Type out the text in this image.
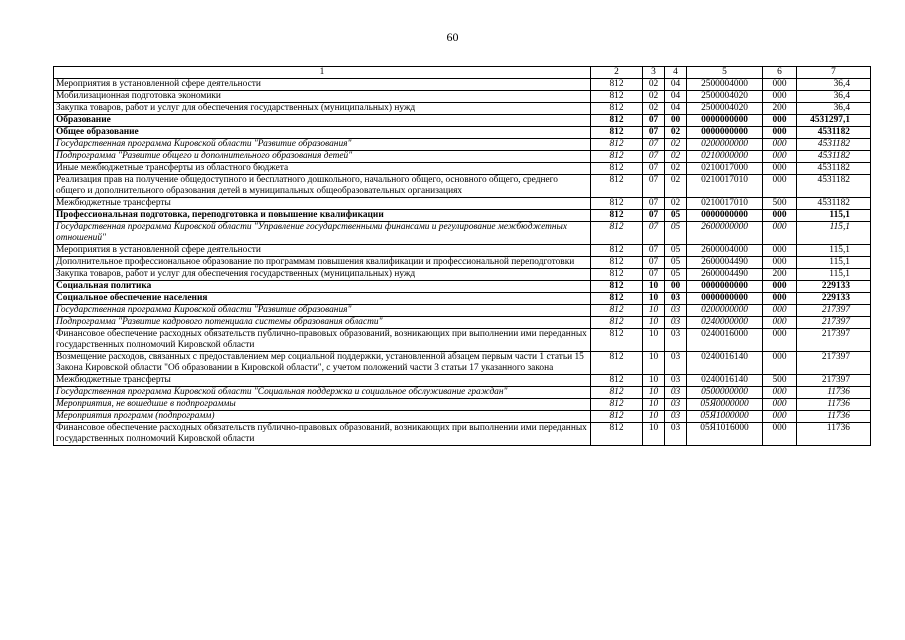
60
1	2	3	4	5	6	7
Мероприятия в установленной сфере деятельности	812	02	04	2500004000	000	36,4
Мобилизационная подготовка экономики	812	02	04	2500004020	000	36,4
Закупка товаров, работ и услуг для обеспечения государственных (муниципальных) нужд	812	02	04	2500004020	200	36,4
Образование	812	07	00	0000000000	000	4531297,1
Общее образование	812	07	02	0000000000	000	4531182
Государственная программа Кировской области "Развитие образования"	812	07	02	0200000000	000	4531182
Подпрограмма "Развитие общего и дополнительного образования детей"	812	07	02	0210000000	000	4531182
Иные межбюджетные трансферты из областного бюджета	812	07	02	0210017000	000	4531182
Реализация прав на получение общедоступного и бесплатного дошкольного, начального общего, основного общего, среднего общего и дополнительного образования детей в муниципальных общеобразовательных организациях	812	07	02	0210017010	000	4531182
Межбюджетные трансферты	812	07	02	0210017010	500	4531182
Профессиональная подготовка, переподготовка и повышение квалификации	812	07	05	0000000000	000	115,1
Государственная программа Кировской области "Управление государственными финансами и регулирование межбюджетных отношений"	812	07	05	2600000000	000	115,1
Мероприятия в установленной сфере деятельности	812	07	05	2600004000	000	115,1
Дополнительное профессиональное образование по программам повышения квалификации и профессиональной переподготовки	812	07	05	2600004490	000	115,1
Закупка товаров, работ и услуг для обеспечения государственных (муниципальных) нужд	812	07	05	2600004490	200	115,1
Социальная политика	812	10	00	0000000000	000	229133
Социальное обеспечение населения	812	10	03	0000000000	000	229133
Государственная программа Кировской области "Развитие образования"	812	10	03	0200000000	000	217397
Подпрограмма "Развитие кадрового потенциала системы образования области"	812	10	03	0240000000	000	217397
Финансовое обеспечение расходных обязательств публично-правовых образований, возникающих при выполнении ими переданных государственных полномочий Кировской области	812	10	03	0240016000	000	217397
Возмещение расходов, связанных с предоставлением мер социальной поддержки, установленной абзацем первым части 1 статьи 15 Закона Кировской области "Об образовании в Кировской области", с учетом положений части 3 статьи 17 указанного закона	812	10	03	0240016140	000	217397
Межбюджетные трансферты	812	10	03	0240016140	500	217397
Государственная программа Кировской области "Социальная поддержка и социальное обслуживание граждан"	812	10	03	0500000000	000	11736
Мероприятия, не вошедшие в подпрограммы	812	10	03	05Я0000000	000	11736
Мероприятия программ (подпрограмм)	812	10	03	05Я1000000	000	11736
Финансовое обеспечение расходных обязательств публично-правовых образований, возникающих при выполнении ими переданных государственных полномочий Кировской области	812	10	03	05Я1016000	000	11736
